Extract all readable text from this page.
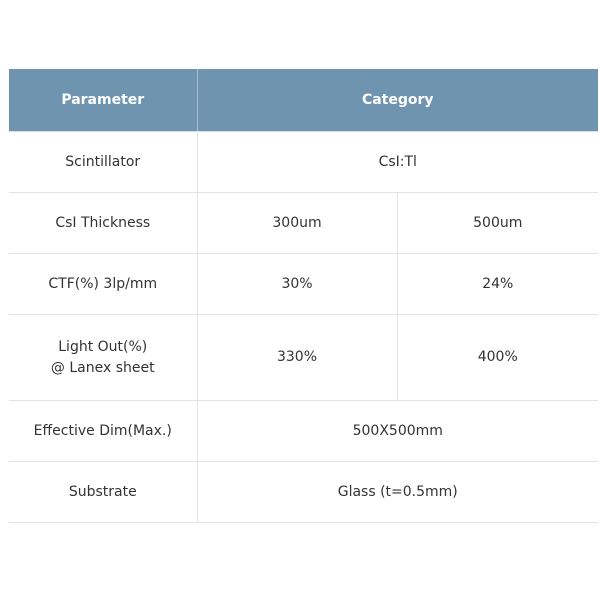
Parameter	Category	
Scintillator	CsI:Tl	
CsI Thickness	300um	500um
CTF(%) 3lp/mm	30%	24%

Light Out(%)
@ Lanex sheet	330%	400%
Effective Dim(Max.)	500X500mm	
Substrate	Glass (t=0.5mm)	
